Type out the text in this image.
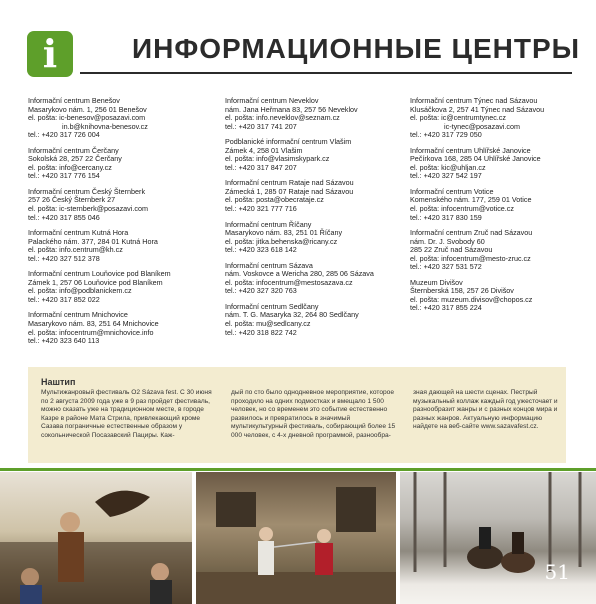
i	ИНФОРМАЦИОННЫЕ ЦЕНТРЫ
Informační centrum Benešov
Masarykovo nám. 1, 256 01 Benešov
el. pošta: ic-benesov@posazavi.com
in.b@knihovna-benesov.cz
tel.: +420 317 726 004
Informační centrum Čerčany
Sokolská 28, 257 22 Čerčany
el. pošta: info@cercany.cz
tel.: +420 317 776 154
Informační centrum Český Šternberk
257 26 Český Šternberk 27
el. pošta: ic-sternberk@posazavi.com
tel.: +420 317 855 046
Informační centrum Kutná Hora
Palackého nám. 377, 284 01 Kutná Hora
el. pošta: info.centrum@kh.cz
tel.: +420 327 512 378
Informační centrum Louňovice pod Blaníkem
Zámek 1, 257 06 Louňovice pod Blaníkem
el. pošta: info@podblanickem.cz
tel.: +420 317 852 022
Informační centrum Mnichovice
Masarykovo nám. 83, 251 64 Mnichovice
el. pošta: infocentrum@mnichovice.info
tel.: +420 323 640 113
Informační centrum Neveklov
nám. Jana Heřmana 83, 257 56 Neveklov
el. pošta: info.neveklov@seznam.cz
tel.: +420 317 741 207
Podblanické informační centrum Vlašim
Zámek 4, 258 01 Vlašim
el. pošta: info@vlasimskypark.cz
tel.: +420 317 847 207
Informační centrum Rataje nad Sázavou
Zámecká 1, 285 07 Rataje nad Sázavou
el. pošta: posta@obecrataje.cz
tel.: +420 321 777 716
Informační centrum Říčany
Masarykovo nám. 83, 251 01 Říčany
el. pošta: jitka.behenska@ricany.cz
tel.: +420 323 618 142
Informační centrum Sázava
nám. Voskovce a Wericha 280, 285 06 Sázava
el. pošta: infocentrum@mestosazava.cz
tel.: +420 327 320 763
Informační centrum Sedlčany
nám. T. G. Masaryka 32, 264 80 Sedlčany
el. pošta: mu@sedlcany.cz
tel.: +420 318 822 742
Informační centrum Týnec nad Sázavou
Klusáčkova 2, 257 41 Týnec nad Sázavou
el. pošta: ic@centrumtynec.cz
ic-tynec@posazavi.com
tel.: +420 317 729 050
Informační centrum Uhlířské Janovice
Pečírkova 168, 285 04 Uhlířské Janovice
el. pošta: kic@uhljan.cz
tel.: +420 327 542 197
Informační centrum Votice
Komenského nám. 177, 259 01 Votice
el. pošta: infocentrum@votice.cz
tel.: +420 317 830 159
Informační centrum Zruč nad Sázavou
nám. Dr. J. Svobody 60
285 22 Zruč nad Sázavou
el. pošta: infocentrum@mesto-zruc.cz
tel.: +420 327 531 572
Muzeum Divišov
Šternberská 158, 257 26 Divišov
el. pošta: muzeum.divisov@chopos.cz
tel.: +420 317 855 224
Наштип
Мультижанровый фестиваль O2 Sázava fest. C 30 июня по 2 августа 2009 года уже в 9 раз пройдет фестиваль, можно сказать уже на традиционном месте, в городе Казре в районе Мата Стрила, привлекающий кроме Сазава пограничные естественные образом у сокольнической Посазавский Пациры. Каж-
дый по сто было однодневное мероприятие, которое проходило на одних подмостках и вмещало 1 500 человек, но со временем это событие естественно развилось и превратилось в значимый мультикультурный фестиваль, собирающий более 15 000 человек, с 4-х дневной программой, разнообра-
зная дающей на шести сценах. Пестрый музыкальный коллаж каждый год ужесточает и разнообразит жанры и с разных концов мира и разных жанров. Актуальную информацию найдете на веб-сайте www.sazavafest.cz.
51
